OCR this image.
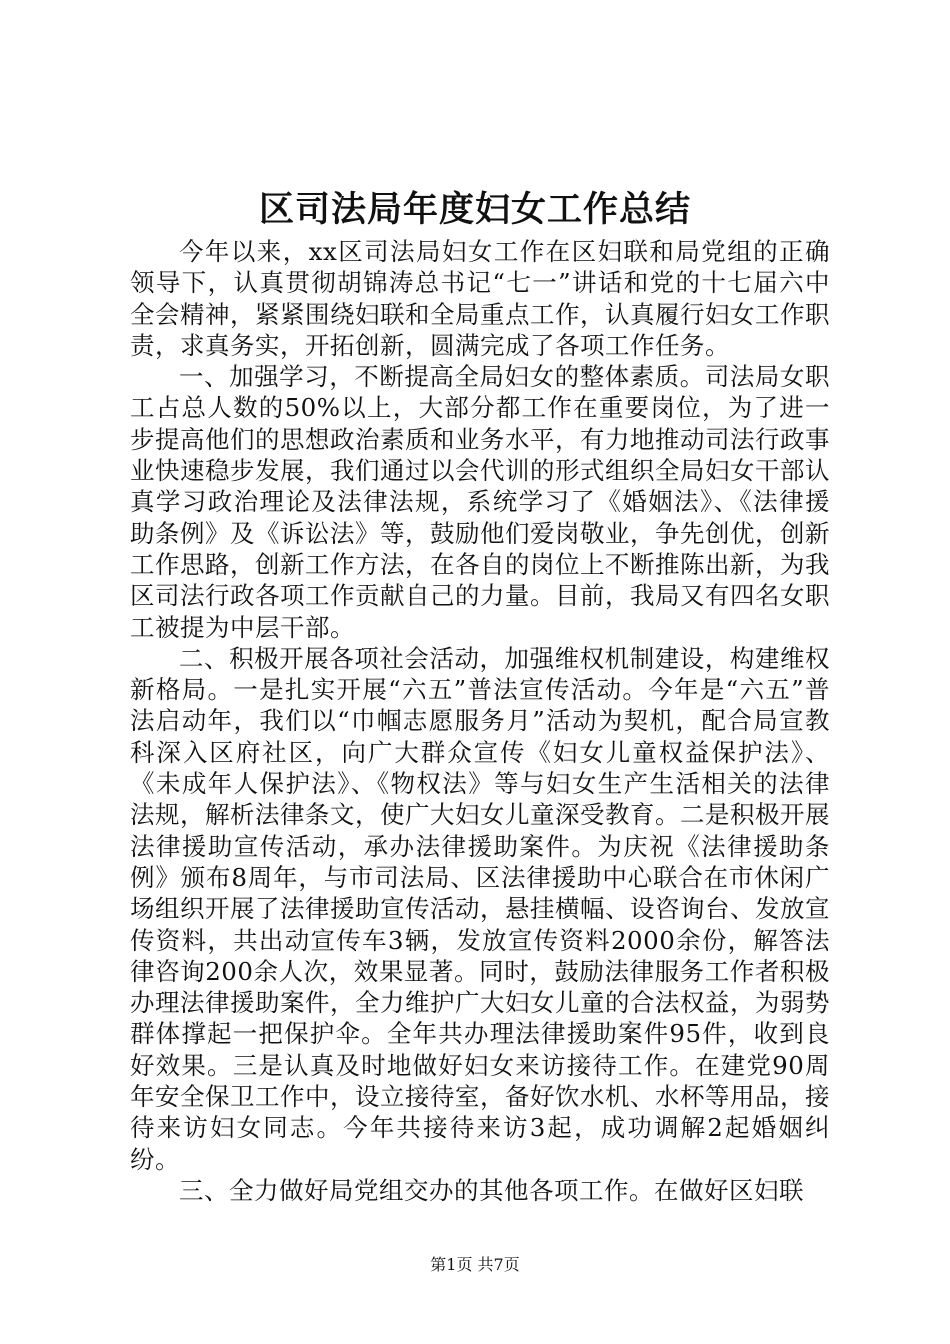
区司法局年度妇女工作总结

今年以来，xx区司法局妇女工作在区妇联和局党组的正确领导下，认真贯彻胡锦涛总书记“七一”讲话和党的十七届六中全会精神，紧紧围绕妇联和全局重点工作，认真履行妇女工作职责，求真务实，开拓创新，圆满完成了各项工作任务。

一、加强学习，不断提高全局妇女的整体素质。司法局女职工占总人数的50%以上，大部分都工作在重要岗位，为了进一步提高他们的思想政治素质和业务水平，有力地推动司法行政事业快速稳步发展，我们通过以会代训的形式组织全局妇女干部认真学习政治理论及法律法规，系统学习了《婚姻法》、《法律援助条例》及《诉讼法》等，鼓励他们爱岗敬业，争先创优，创新工作思路，创新工作方法，在各自的岗位上不断推陈出新，为我区司法行政各项工作贡献自己的力量。目前，我局又有四名女职工被提为中层干部。

二、积极开展各项社会活动，加强维权机制建设，构建维权新格局。一是扎实开展“六五”普法宣传活动。今年是“六五”普法启动年，我们以“巾帼志愿服务月”活动为契机，配合局宣教科深入区府社区，向广大群众宣传《妇女儿童权益保护法》、《未成年人保护法》、《物权法》等与妇女生产生活相关的法律法规，解析法律条文，使广大妇女儿童深受教育。二是积极开展法律援助宣传活动，承办法律援助案件。为庆祝《法律援助条例》颁布8周年，与市司法局、区法律援助中心联合在市休闲广场组织开展了法律援助宣传活动，悬挂横幅、设咨询台、发放宣传资料，共出动宣传车3辆，发放宣传资料2000余份，解答法律咨询200余人次，效果显著。同时，鼓励法律服务工作者积极办理法律援助案件，全力维护广大妇女儿童的合法权益，为弱势群体撑起一把保护伞。全年共办理法律援助案件95件，收到良好效果。三是认真及时地做好妇女来访接待工作。在建党90周年安全保卫工作中，设立接待室，备好饮水机、水杯等用品，接待来访妇女同志。今年共接待来访3起，成功调解2起婚姻纠纷。

三、全力做好局党组交办的其他各项工作。在做好区妇联

第1页 共7页
